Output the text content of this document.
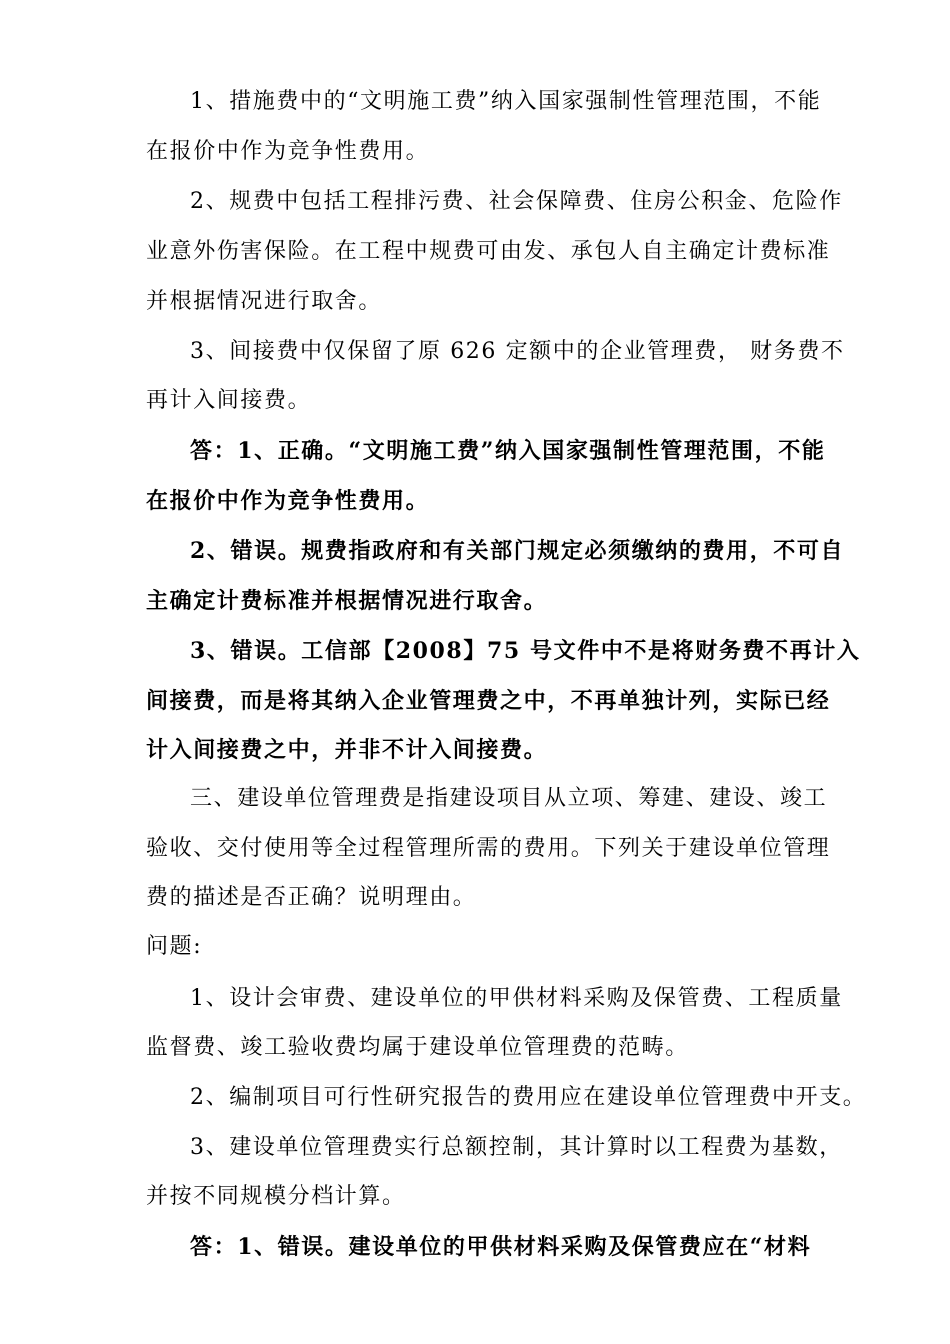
1、措施费中的“文明施工费”纳入国家强制性管理范围，不能
在报价中作为竞争性费用。
2、规费中包括工程排污费、社会保障费、住房公积金、危险作
业意外伤害保险。在工程中规费可由发、承包人自主确定计费标准
并根据情况进行取舍。
3、间接费中仅保留了原 626 定额中的企业管理费， 财务费不
再计入间接费。
答：1、正确。“文明施工费”纳入国家强制性管理范围，不能
在报价中作为竞争性费用。
2、错误。规费指政府和有关部门规定必须缴纳的费用，不可自
主确定计费标准并根据情况进行取舍。
3、错误。工信部【2008】75 号文件中不是将财务费不再计入
间接费，而是将其纳入企业管理费之中，不再单独计列，实际已经
计入间接费之中，并非不计入间接费。
三、建设单位管理费是指建设项目从立项、筹建、建设、竣工
验收、交付使用等全过程管理所需的费用。下列关于建设单位管理
费的描述是否正确？说明理由。
问题:
1、设计会审费、建设单位的甲供材料采购及保管费、工程质量
监督费、竣工验收费均属于建设单位管理费的范畴。
2、编制项目可行性研究报告的费用应在建设单位管理费中开支。
3、建设单位管理费实行总额控制，其计算时以工程费为基数，
并按不同规模分档计算。
答：1、错误。建设单位的甲供材料采购及保管费应在“材料
